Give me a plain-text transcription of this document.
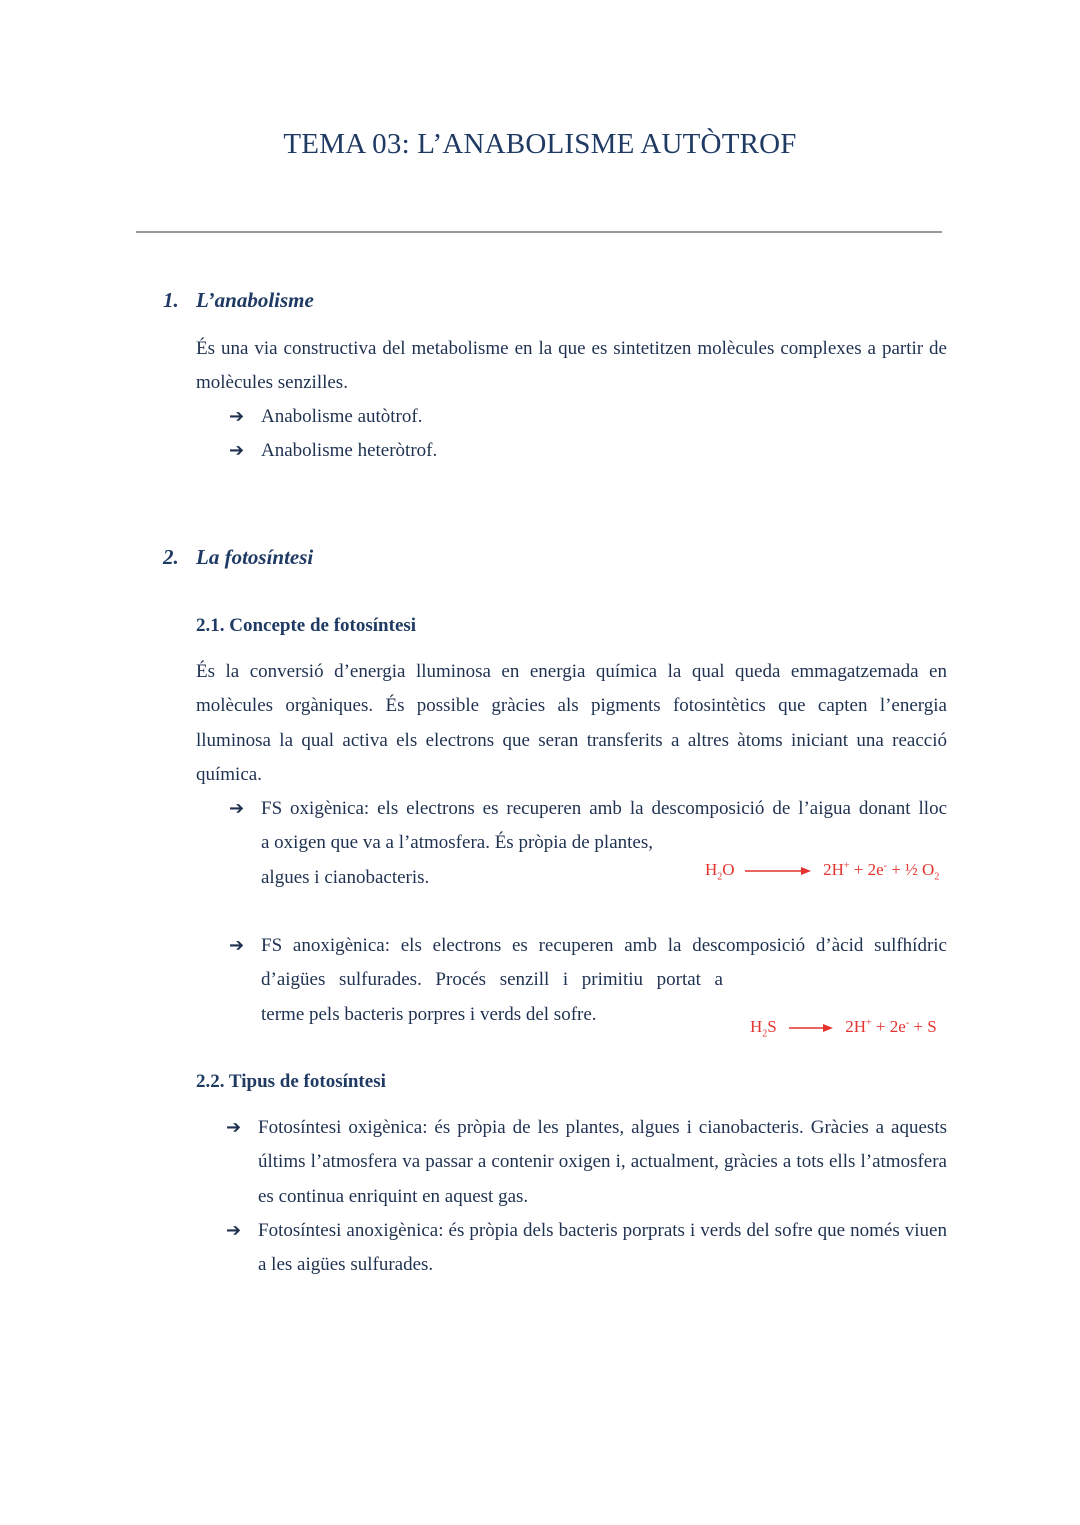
TEMA 03: L’ANABOLISME AUTÒTROF
1. L’anabolisme
És una via constructiva del metabolisme en la que es sintetitzen molècules complexes a partir de molècules senzilles.
➔ Anabolisme autòtrof.
➔ Anabolisme heteròtrof.
2. La fotosíntesi
2.1. Concepte de fotosíntesi
És la conversió d’energia lluminosa en energia química la qual queda emmagatzemada en molècules orgàniques. És possible gràcies als pigments fotosintètics que capten l’energia lluminosa la qual activa els electrons que seran transferits a altres àtoms iniciant una reacció química.
➔ FS oxigènica: els electrons es recuperen amb la descomposició de l’aigua donant lloc
a oxigen que va a l’atmosfera. És pròpia de plantes,
algues i cianobacteris.	$H_2O \to 2H^+ + 2e^-$ + ½ $O_2$
➔ FS anoxigènica: els electrons es recuperen amb la descomposició d’àcid sulfhídric
d’aigües sulfurades. Procés senzill i primitiu portat a
terme pels bacteris porpres i verds del sofre.
$H_2S \to 2H^+ + 2e^- + S$
2.2. Tipus de fotosíntesi
➔ Fotosíntesi oxigènica: és pròpia de les plantes, algues i cianobacteris. Gràcies a aquests últims l’atmosfera va passar a contenir oxigen i, actualment, gràcies a tots ells l’atmosfera es continua enriquint en aquest gas.
➔ Fotosíntesi anoxigènica: és pròpia dels bacteris porprats i verds del sofre que només viuen a les aigües sulfurades.
